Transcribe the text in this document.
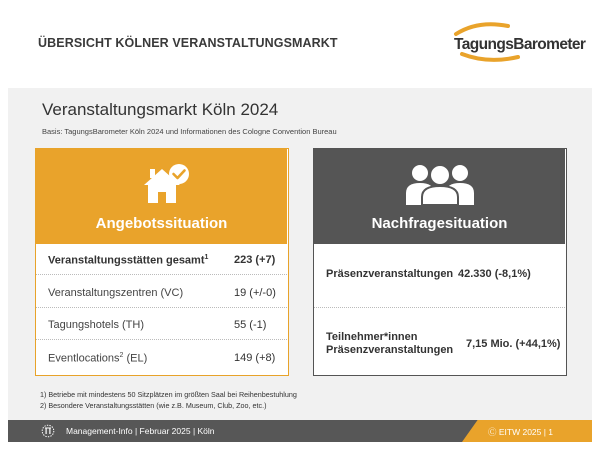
ÜBERSICHT KÖLNER VERANSTALTUNGSMARKT	TagungsBarometer
Veranstaltungsmarkt Köln 2024
Basis: TagungsBarometer Köln 2024 und Informationen des Cologne Convention Bureau
Angebotssituation
Veranstaltungsstätten gesamt$^1$ 223 (+7)
Veranstaltungszentren (VC)	19 (+/-0)
Tagungshotels (TH)	55 (-1)
Eventlocations$^2$ (EL)	149 (+8)
Nachfragesituation
Präsenzveranstaltungen 42.330 (-8,1%)
Teilnehmer*innen
Präsenzveranstaltungen 7,15 Mio. (+44,1%)
1) Betriebe mit mindestens 50 Sitzplätzen im größten Saal bei Reihenbestuhlung
2) Besondere Veranstaltungsstätten (wie z.B. Museum, Club, Zoo, etc.)
Management-Info | Februar 2025 | Köln	Ⓒ EITW 2025 | 1
